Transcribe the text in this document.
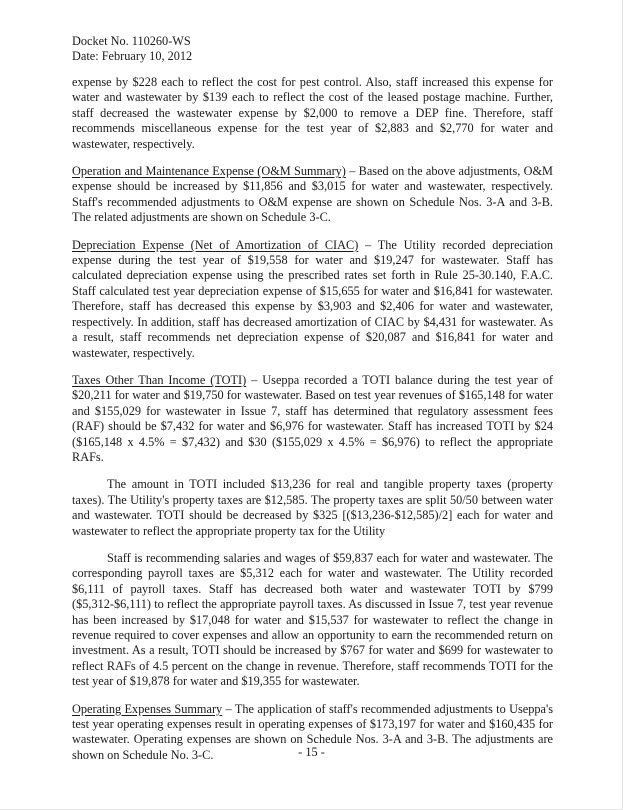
Docket No. 110260-WS
Date: February 10, 2012

expense by $228 each to reflect the cost for pest control. Also, staff increased this expense for water and wastewater by $139 each to reflect the cost of the leased postage machine. Further, staff decreased the wastewater expense by $2,000 to remove a DEP fine. Therefore, staff recommends miscellaneous expense for the test year of $2,883 and $2,770 for water and wastewater, respectively.

Operation and Maintenance Expense (O&M Summary) – Based on the above adjustments, O&M expense should be increased by $11,856 and $3,015 for water and wastewater, respectively. Staff's recommended adjustments to O&M expense are shown on Schedule Nos. 3-A and 3-B. The related adjustments are shown on Schedule 3-C.

Depreciation Expense (Net of Amortization of CIAC) – The Utility recorded depreciation expense during the test year of $19,558 for water and $19,247 for wastewater. Staff has calculated depreciation expense using the prescribed rates set forth in Rule 25-30.140, F.A.C. Staff calculated test year depreciation expense of $15,655 for water and $16,841 for wastewater. Therefore, staff has decreased this expense by $3,903 and $2,406 for water and wastewater, respectively. In addition, staff has decreased amortization of CIAC by $4,431 for wastewater. As a result, staff recommends net depreciation expense of $20,087 and $16,841 for water and wastewater, respectively.

Taxes Other Than Income (TOTI) – Useppa recorded a TOTI balance during the test year of $20,211 for water and $19,750 for wastewater. Based on test year revenues of $165,148 for water and $155,029 for wastewater in Issue 7, staff has determined that regulatory assessment fees (RAF) should be $7,432 for water and $6,976 for wastewater. Staff has increased TOTI by $24 ($165,148 x 4.5% = $7,432) and $30 ($155,029 x 4.5% = $6,976) to reflect the appropriate RAFs.

The amount in TOTI included $13,236 for real and tangible property taxes (property taxes). The Utility's property taxes are $12,585. The property taxes are split 50/50 between water and wastewater. TOTI should be decreased by $325 [($13,236-$12,585)/2] each for water and wastewater to reflect the appropriate property tax for the Utility

Staff is recommending salaries and wages of $59,837 each for water and wastewater. The corresponding payroll taxes are $5,312 each for water and wastewater. The Utility recorded $6,111 of payroll taxes. Staff has decreased both water and wastewater TOTI by $799 ($5,312-$6,111) to reflect the appropriate payroll taxes. As discussed in Issue 7, test year revenue has been increased by $17,048 for water and $15,537 for wastewater to reflect the change in revenue required to cover expenses and allow an opportunity to earn the recommended return on investment. As a result, TOTI should be increased by $767 for water and $699 for wastewater to reflect RAFs of 4.5 percent on the change in revenue. Therefore, staff recommends TOTI for the test year of $19,878 for water and $19,355 for wastewater.

Operating Expenses Summary – The application of staff's recommended adjustments to Useppa's test year operating expenses result in operating expenses of $173,197 for water and $160,435 for wastewater. Operating expenses are shown on Schedule Nos. 3-A and 3-B. The adjustments are shown on Schedule No. 3-C.	- 15 -
